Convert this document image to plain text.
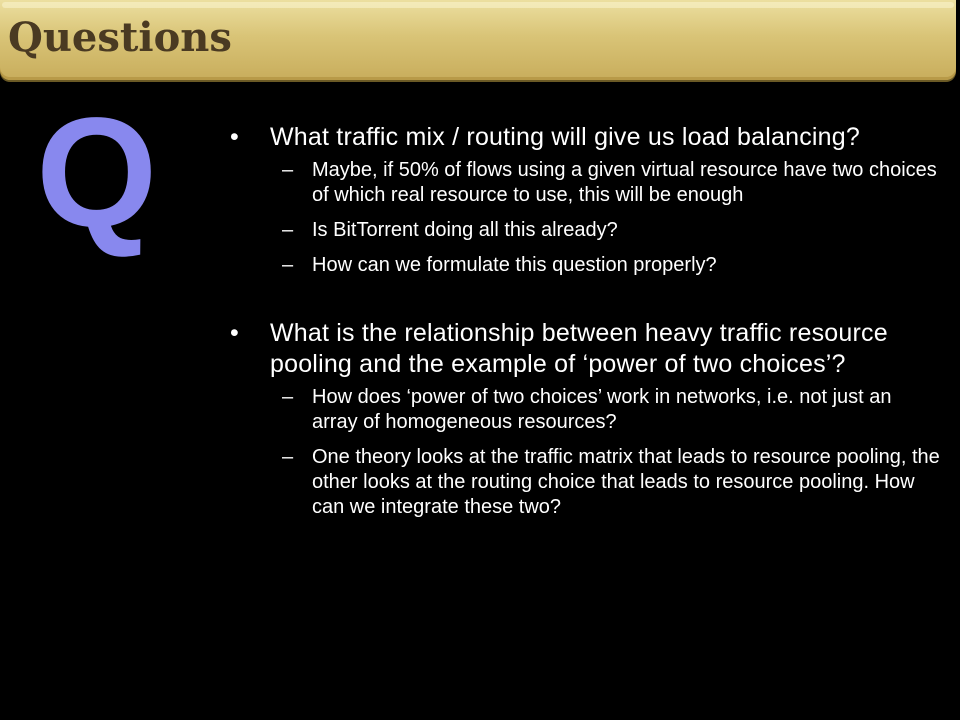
Questions
Q	• What traffic mix / routing will give us load balancing?
– Maybe, if 50% of flows using a given virtual resource have two choices of which real resource to use, this will be enough
– Is BitTorrent doing all this already?
– How can we formulate this question properly?
• What is the relationship between heavy traffic resource pooling and the example of ‘power of two choices’?
– How does ‘power of two choices’ work in networks, i.e. not just an array of homogeneous resources?
– One theory looks at the traffic matrix that leads to resource pooling, the other looks at the routing choice that leads to resource pooling. How can we integrate these two?
